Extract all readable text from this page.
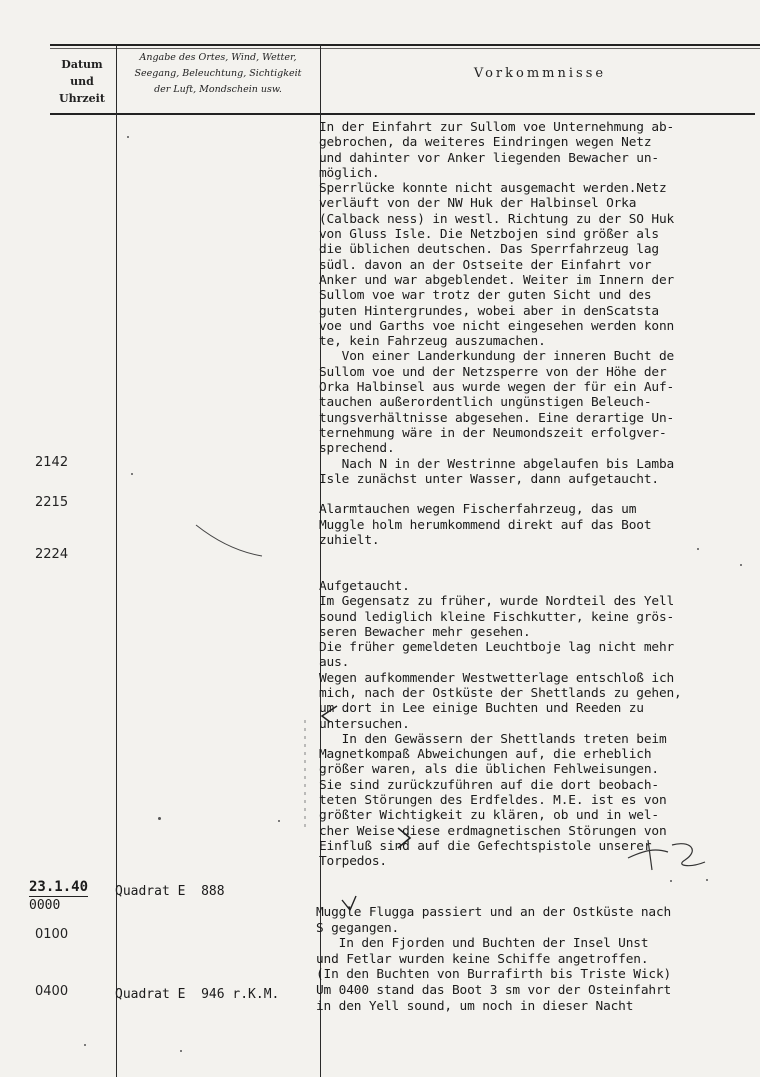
Datum
und
Uhrzeit
Angabe des Ortes, Wind, Wetter,
Seegang, Beleuchtung, Sichtigkeit
der Luft, Mondschein usw.
Vorkommnisse
In der Einfahrt zur Sullom voe Unternehmung ab-
gebrochen, da weiteres Eindringen wegen Netz
und dahinter vor Anker liegenden Bewacher un-
möglich.
Sperrlücke konnte nicht ausgemacht werden.Netz
verläuft von der NW Huk der Halbinsel Orka
(Calback ness) in westl. Richtung zu der SO Huk
von Gluss Isle. Die Netzbojen sind größer als
die üblichen deutschen. Das Sperrfahrzeug lag
südl. davon an der Ostseite der Einfahrt vor
Anker und war abgeblendet. Weiter im Innern der
Sullom voe war trotz der guten Sicht und des
guten Hintergrundes, wobei aber in denScatsta
voe und Garths voe nicht eingesehen werden konn
te, kein Fahrzeug auszumachen.
Von einer Landerkundung der inneren Bucht de
Sullom voe und der Netzsperre von der Höhe der
Orka Halbinsel aus wurde wegen der für ein Auf-
tauchen außerordentlich ungünstigen Beleuch-
tungsverhältnisse abgesehen. Eine derartige Un-
ternehmung wäre in der Neumondszeit erfolgver-
sprechend.
Nach N in der Westrinne abgelaufen bis Lamba
Isle zunächst unter Wasser, dann aufgetaucht.

Alarmtauchen wegen Fischerfahrzeug, das um
Muggle holm herumkommend direkt auf das Boot
zuhielt.

Aufgetaucht.
Im Gegensatz zu früher, wurde Nordteil des Yell
sound lediglich kleine Fischkutter, keine grös-
seren Bewacher mehr gesehen.
Die früher gemeldeten Leuchtboje lag nicht mehr
aus.
Wegen aufkommender Westwetterlage entschloß ich
mich, nach der Ostküste der Shettlands zu gehen,
um dort in Lee einige Buchten und Reeden zu
untersuchen.
In den Gewässern der Shettlands treten beim
Magnetkompaß Abweichungen auf, die erheblich
größer waren, als die üblichen Fehlweisungen.
Sie sind zurückzuführen auf die dort beobach-
teten Störungen des Erdfeldes. M.E. ist es von
größter Wichtigkeit zu klären, ob und in wel-
cher Weise diese erdmagnetischen Störungen von
Einfluß sind auf die Gefechtspistole unserer
Torpedos.
2142
2215
2224
23.1.40
0000
0100
0400
Quadrat E  888
Quadrat E  946 r.K.M.
Muggle Flugga passiert und an der Ostküste nach
S gegangen.
In den Fjorden und Buchten der Insel Unst
und Fetlar wurden keine Schiffe angetroffen.
(In den Buchten von Burrafirth bis Triste Wick)
Um 0400 stand das Boot 3 sm vor der Osteinfahrt
in den Yell sound, um noch in dieser Nacht
